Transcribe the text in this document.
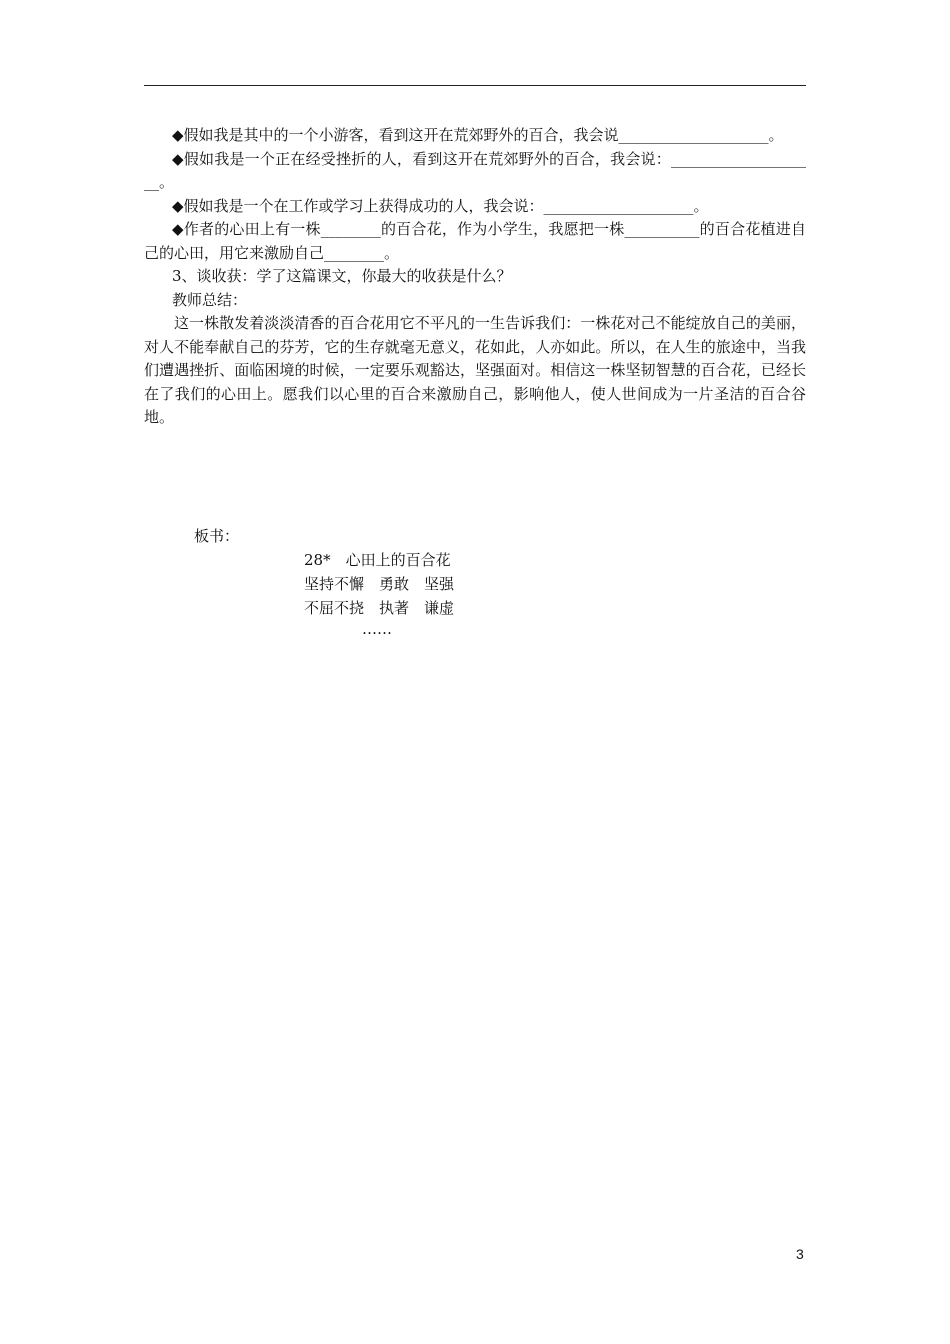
◆假如我是其中的一个小游客，看到这开在荒郊野外的百合，我会说____________________。

◆假如我是一个正在经受挫折的人，看到这开在荒郊野外的百合，我会说：____________________。

◆假如我是一个在工作或学习上获得成功的人，我会说：____________________。

◆作者的心田上有一株________的百合花，作为小学生，我愿把一株__________的百合花植进自己的心田，用它来激励自己________。

3、谈收获：学了这篇课文，你最大的收获是什么？

教师总结：

这一株散发着淡淡清香的百合花用它不平凡的一生告诉我们：一株花对己不能绽放自己的美丽，对人不能奉献自己的芬芳，它的生存就毫无意义，花如此，人亦如此。所以，在人生的旅途中，当我们遭遇挫折、面临困境的时候，一定要乐观豁达，坚强面对。相信这一株坚韧智慧的百合花，已经长在了我们的心田上。愿我们以心里的百合来激励自己，影响他人，使人世间成为一片圣洁的百合谷地。

板书：

28*　心田上的百合花

坚持不懈　勇敢　坚强

不屈不挠　执著　谦虚

……
3
